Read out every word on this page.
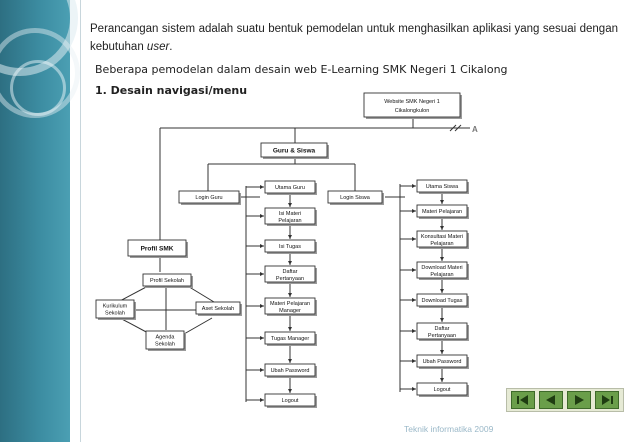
Perancangan sistem adalah suatu bentuk pemodelan untuk menghasilkan aplikasi yang sesuai dengan kebutuhan user.
Beberapa pemodelan dalam desain web E-Learning SMK Negeri 1 Cikalong
1. Desain navigasi/menu
Website SMK Negeri 1
Cikalongkulon
A
Guru & Siswa
Login Guru	Login Siswa
Profil SMK
Profil Sekolah
Kurikulum
Sekolah
Aset Sekolah
Agenda
Sekolah
Utama Guru
Isi Materi
Pelajaran
Isi Tugas
Daftar
Pertanyaan
Materi Pelajaran
Manager
Tugas Manager
Ubah Password
Logout
Utama Siswa
Materi Pelajaran
Konsultasi Materi
Pelajaran
Download Materi
Pelajaran
Download Tugas
Daftar
Pertanyaan
Ubah Password
Logout
Teknik informatika 2009
